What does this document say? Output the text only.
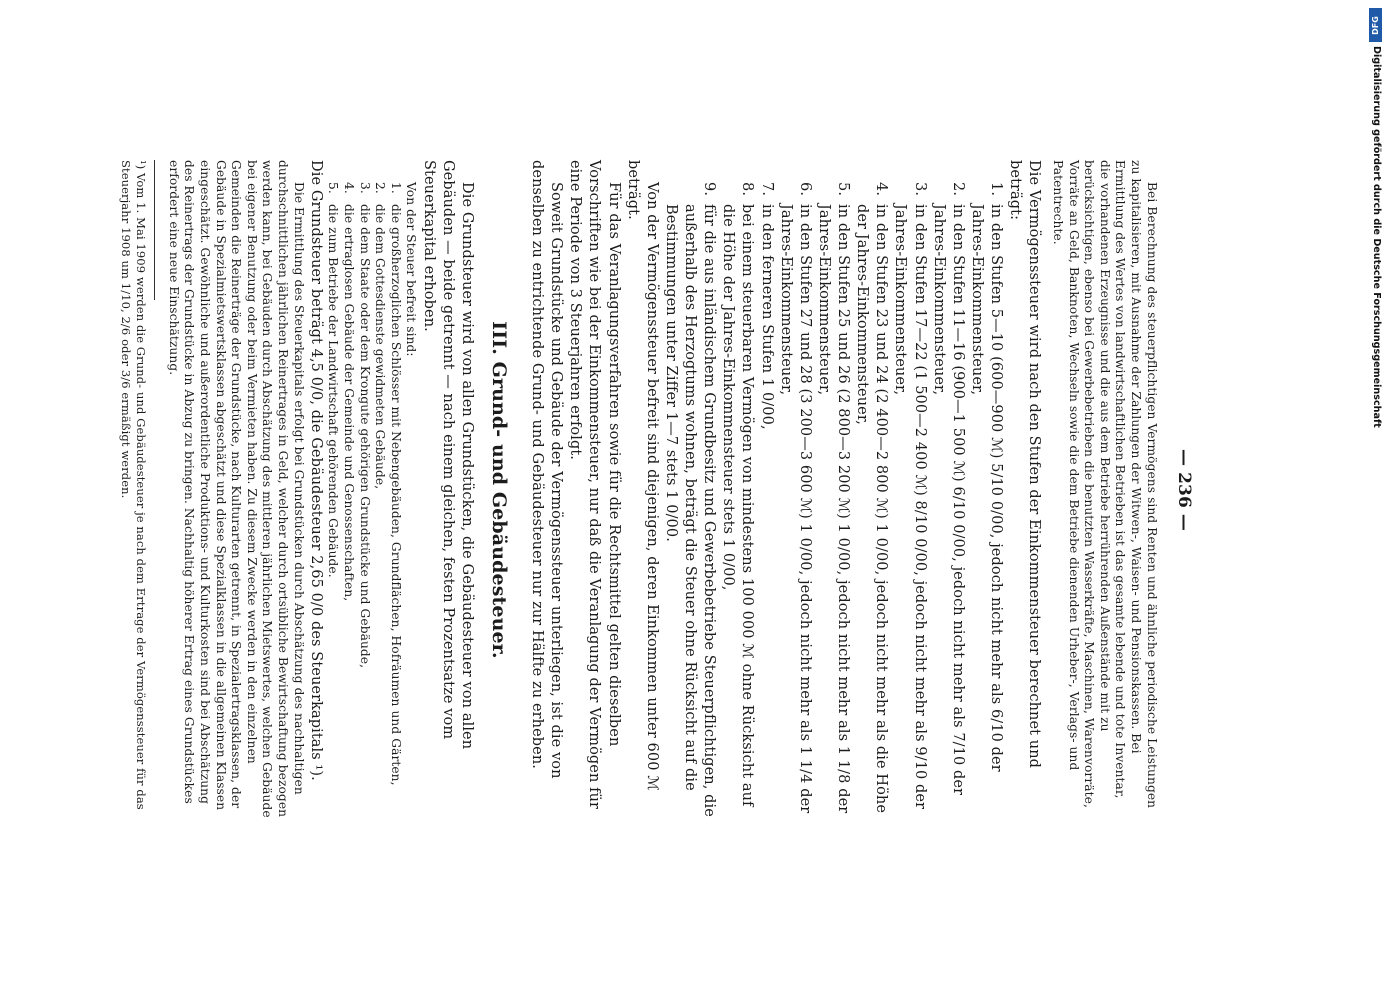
— 236 —

Bei Berechnung des steuerpflichtigen Vermögens sind Renten und ähnliche periodische Leistungen zu kapitalisieren, mit Ausnahme der Zahlungen der Witwen-, Waisen- und Pensionskassen. Bei Ermittlung des Wertes von landwirtschaftlichen Betrieben ist das gesamte lebende und tote Inventar, die vorhandenen Erzeugnisse und die aus dem Betriebe herrührenden Außenstände mit zu berücksichtigen, ebenso bei Gewerbebetrieben die benutzten Wasserkräfte, Maschinen, Warenvorräte, Vorräte an Geld, Banknoten, Wechseln sowie die dem Betriebe dienenden Urheber-, Verlags- und Patentrechte.

Die Vermögenssteuer wird nach den Stufen der Einkommensteuer berechnet und beträgt:

1.
in den Stufen 5—10 (600—900 ℳ) 5/10 0/00, jedoch nicht mehr als 6/10 der Jahres-Einkommensteuer,
2.
in den Stufen 11—16 (900—1 500 ℳ) 6/10 0/00, jedoch nicht mehr als 7/10 der Jahres-Einkommensteuer,
3.
in den Stufen 17—22 (1 500—2 400 ℳ) 8/10 0/00, jedoch nicht mehr als 9/10 der Jahres-Einkommensteuer,
4.
in den Stufen 23 und 24 (2 400—2 800 ℳ) 1 0/00, jedoch nicht mehr als die Höhe der Jahres-Einkommensteuer,
5.
in den Stufen 25 und 26 (2 800—3 200 ℳ) 1 0/00, jedoch nicht mehr als 1 1/8 der Jahres-Einkommensteuer,
6.
in den Stufen 27 und 28 (3 200—3 600 ℳ) 1 0/00, jedoch nicht mehr als 1 1/4 der Jahres-Einkommensteuer,
7.
in den ferneren Stufen 1 0/00,
8.
bei einem steuerbaren Vermögen von mindestens 100 000 ℳ ohne Rücksicht auf die Höhe der Jahres-Einkommensteuer stets 1 0/00,
9.
für die aus inländischem Grundbesitz und Gewerbebetriebe Steuerpflichtigen, die außerhalb des Herzogtums wohnen, beträgt die Steuer ohne Rücksicht auf die Bestimmungen unter Ziffer 1—7 stets 1 0/00.

Von der Vermögenssteuer befreit sind diejenigen, deren Einkommen unter 600 ℳ beträgt.

Für das Veranlagungsverfahren sowie für die Rechtsmittel gelten dieselben Vorschriften wie bei der Einkommensteuer, nur daß die Veranlagung der Vermögen für eine Periode von 3 Steuerjahren erfolgt.

Soweit Grundstücke und Gebäude der Vermögenssteuer unterliegen, ist die von denselben zu entrichtende Grund- und Gebäudesteuer nur zur Hälfte zu erheben.

III. Grund- und Gebäudesteuer.

Die Grundsteuer wird von allen Grundstücken, die Gebäudesteuer von allen Gebäuden — beide getrennt — nach einem gleichen, festen Prozentsatze vom Steuerkapital erhoben.

Von der Steuer befreit sind:

1.
die großherzoglichen Schlösser mit Nebengebäuden, Grundflächen, Hofräumen und Gärten,
2.
die dem Gottesdienste gewidmeten Gebäude,
3.
die dem Staate oder dem Krongute gehörigen Grundstücke und Gebäude,
4.
die ertraglosen Gebäude der Gemeinde und Genossenschaften,
5.
die zum Betriebe der Landwirtschaft gehörenden Gebäude.

Die Grundsteuer beträgt 4,5 0/0, die Gebäudesteuer 2,65 0/0 des Steuerkapitals ¹).

Die Ermittlung des Steuerkapitals erfolgt bei Grundstücken durch Abschätzung des nachhaltigen durchschnittlichen jährlichen Reinertrages in Geld, welcher durch ortsübliche Bewirtschaftung bezogen werden kann, bei Gebäuden durch Abschätzung des mittleren jährlichen Mietswertes, welchen Gebäude bei eigener Benutzung oder beim Vermieten haben. Zu diesem Zwecke werden in den einzelnen Gemeinden die Reinerträge der Grundstücke, nach Kulturarten getrennt, in Spezialertragsklassen, der Gebäude in Spezialmietswertsklassen abgeschätzt und diese Spezialklassen in die allgemeinen Klassen eingeschätzt. Gewöhnliche und außerordentliche Produktions- und Kulturkosten sind bei Abschätzung des Reinertrags der Grundstücke in Abzug zu bringen. Nachhaltig höherer Ertrag eines Grundstückes erfordert eine neue Einschätzung.

¹) Vom 1. Mai 1909 werden die Grund- und Gebäudesteuer je nach dem Ertrage der Vermögenssteuer für das Steuerjahr 1908 um 1/10, 2/6 oder 3/6 ermäßigt werden.

DFG
Digitalisierung gefördert durch die Deutsche Forschungsgemeinschaft
